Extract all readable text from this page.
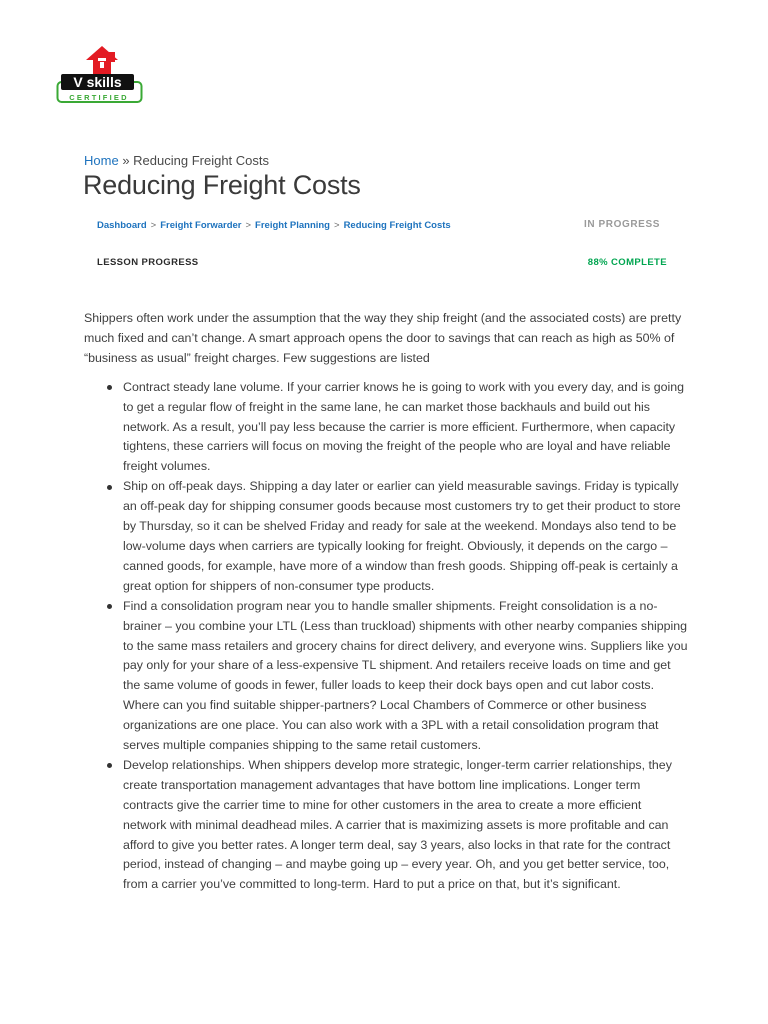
V skills
CERTIFIED
Home » Reducing Freight Costs
Reducing Freight Costs
Dashboard > Freight Forwarder > Freight Planning > Reducing Freight Costs	IN PROGRESS
LESSON PROGRESS	88% COMPLETE

Shippers often work under the assumption that the way they ship freight (and the associated costs) are pretty much fixed and can’t change. A smart approach opens the door to savings that can reach as high as 50% of “business as usual” freight charges. Few suggestions are listed

Contract steady lane volume. If your carrier knows he is going to work with you every day, and is going to get a regular flow of freight in the same lane, he can market those backhauls and build out his network. As a result, you’ll pay less because the carrier is more efficient. Furthermore, when capacity tightens, these carriers will focus on moving the freight of the people who are loyal and have reliable freight volumes.
Ship on off-peak days. Shipping a day later or earlier can yield measurable savings. Friday is typically an off-peak day for shipping consumer goods because most customers try to get their product to store by Thursday, so it can be shelved Friday and ready for sale at the weekend. Mondays also tend to be low-volume days when carriers are typically looking for freight. Obviously, it depends on the cargo – canned goods, for example, have more of a window than fresh goods. Shipping off-peak is certainly a great option for shippers of non-consumer type products.
Find a consolidation program near you to handle smaller shipments. Freight consolidation is a no-brainer – you combine your LTL (Less than truckload) shipments with other nearby companies shipping to the same mass retailers and grocery chains for direct delivery, and everyone wins. Suppliers like you pay only for your share of a less-expensive TL shipment. And retailers receive loads on time and get the same volume of goods in fewer, fuller loads to keep their dock bays open and cut labor costs. Where can you find suitable shipper-partners? Local Chambers of Commerce or other business organizations are one place. You can also work with a 3PL with a retail consolidation program that serves multiple companies shipping to the same retail customers.
Develop relationships. When shippers develop more strategic, longer-term carrier relationships, they create transportation management advantages that have bottom line implications. Longer term contracts give the carrier time to mine for other customers in the area to create a more efficient network with minimal deadhead miles. A carrier that is maximizing assets is more profitable and can afford to give you better rates. A longer term deal, say 3 years, also locks in that rate for the contract period, instead of changing – and maybe going up – every year. Oh, and you get better service, too, from a carrier you’ve committed to long-term. Hard to put a price on that, but it’s significant.
